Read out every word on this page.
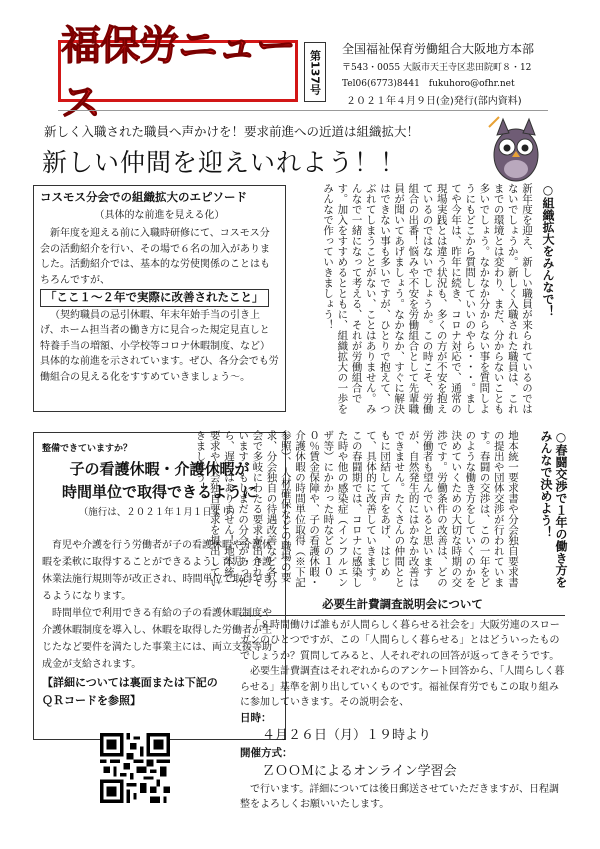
福保労ニュース
第137号
全国福祉保育労働組合大阪地方本部
〒543・0055 大阪市天王寺区悲田院町８・12
Tel06(6773)8441　fukuhoro@ofhr.net
２０２１年４月９日(金)発行(部内資料)
新しく入職された職員へ声かけを！要求前進への近道は組織拡大！
新しい仲間を迎えいれよう！！
コスモス分会での組織拡大のエピソード
（具体的な前進を見える化）

新年度を迎える前に入職時研修にて、コスモス分会の活動紹介を行い、その場で６名の加入がありました。活動紹介では、基本的な労使関係のことはもちろんですが、

「ここ１～２年で実際に改善されたこと」

（契約職員の忌引休暇、年末年始手当の引き上げ、ホーム担当者の働き方に見合った規定見直しと特養手当の増額、小学校等コロナ休暇制度、など）具体的な前進を示されています。ぜひ、各分会でも労働組合の見える化をすすめていきましょう～。

整備できていますか？
子の看護休暇・介護休暇が
時間単位で取得できるように
（施行は、２０２１年１月１日より）

育児や介護を行う労働者が子の看護休暇や介護休暇を柔軟に取得することができるよう、育児・介護休業法施行規則等が改正され、時間単位で取得できるようになります。

時間単位で利用できる有給の子の看護休暇制度や介護休暇制度を導入し、休暇を取得した労働者が生じたなど要件を満たした事業主には、両立支援等助成金が支給されます。

【詳細については裏面または下記の
ＱＲコードを参照】
○組織拡大をみんなで！
新年度を迎え、新しい職員が来られているのではないでしょうか。新しく入職された職員は、これまでの環境とは変わり、まだ、分からないことも多いでしょう。なかなか分からない事を質問しようにもどこから質問していいのやら・・・。ましてや今年は、昨年に続き、コロナ対応で、通常の現場実践とは違う状況も、多くの方が不安を抱えているのではないでしょうか。この時こそ、労働組合の出番！悩みや不安を労働組合として先輩職員が聞いてあげましょう。なかなか、すぐに解決はできない事も多いですが、ひとりで抱えて、つぶれてしまうことがない、ことはありません。みんなで一緒になって考える、それが労働組合です。加入をすすめるとともに、組織拡大の一歩をみんなで作っていきましょう！
○春闘交渉で１年の働き方をみんなで決めよう！
地本統一要求書や分会独自要求書の提出や団体交渉が行われています。春闘の交渉は、この一年をどのような働き方をしていくのかを決めていくための大切な時期の交渉です。労働条件の改善は、どの労働者も望んでいると思いますが、自然発生的にはかなか改善はできません。たくさんの仲間とともに団結して声をあげ、はじめて、具体的に改善していきます。この春闘期では、コロナに感染した時や他の感染症（インフルエンザ等）にかかった時などの１００％賃金保障や、子の看護休暇・介護休暇の時間単位取得（※下記参照）、人材確保などの職場の要求、分会独自の待遇改善など各分会で多岐にわたる要求が出されています。もしまだの分会があったら、遅くはありません！地本統一要求や分会独自要求を提出していきましょう！
必要生計費調査説明会について

「８時間働けば誰もが人間らしく暮らせる社会を」大阪労連のスローガンのひとつですが、この「人間らしく暮らせる」とはどういったものでしょうか？質問してみると、人それぞれの回答が返ってきそうです。

必要生計費調査はそれぞれからのアンケート回答から、「人間らしく暮らせる」基準を割り出していくものです。福祉保育労でもこの取り組みに参加していきます。その説明会を、

日時：
４月２６日（月）１９時より
開催方式：
ＺＯＯＭによるオンライン学習会

で行います。詳細については後日郵送させていただきますが、日程調整をよろしくお願いいたします。
